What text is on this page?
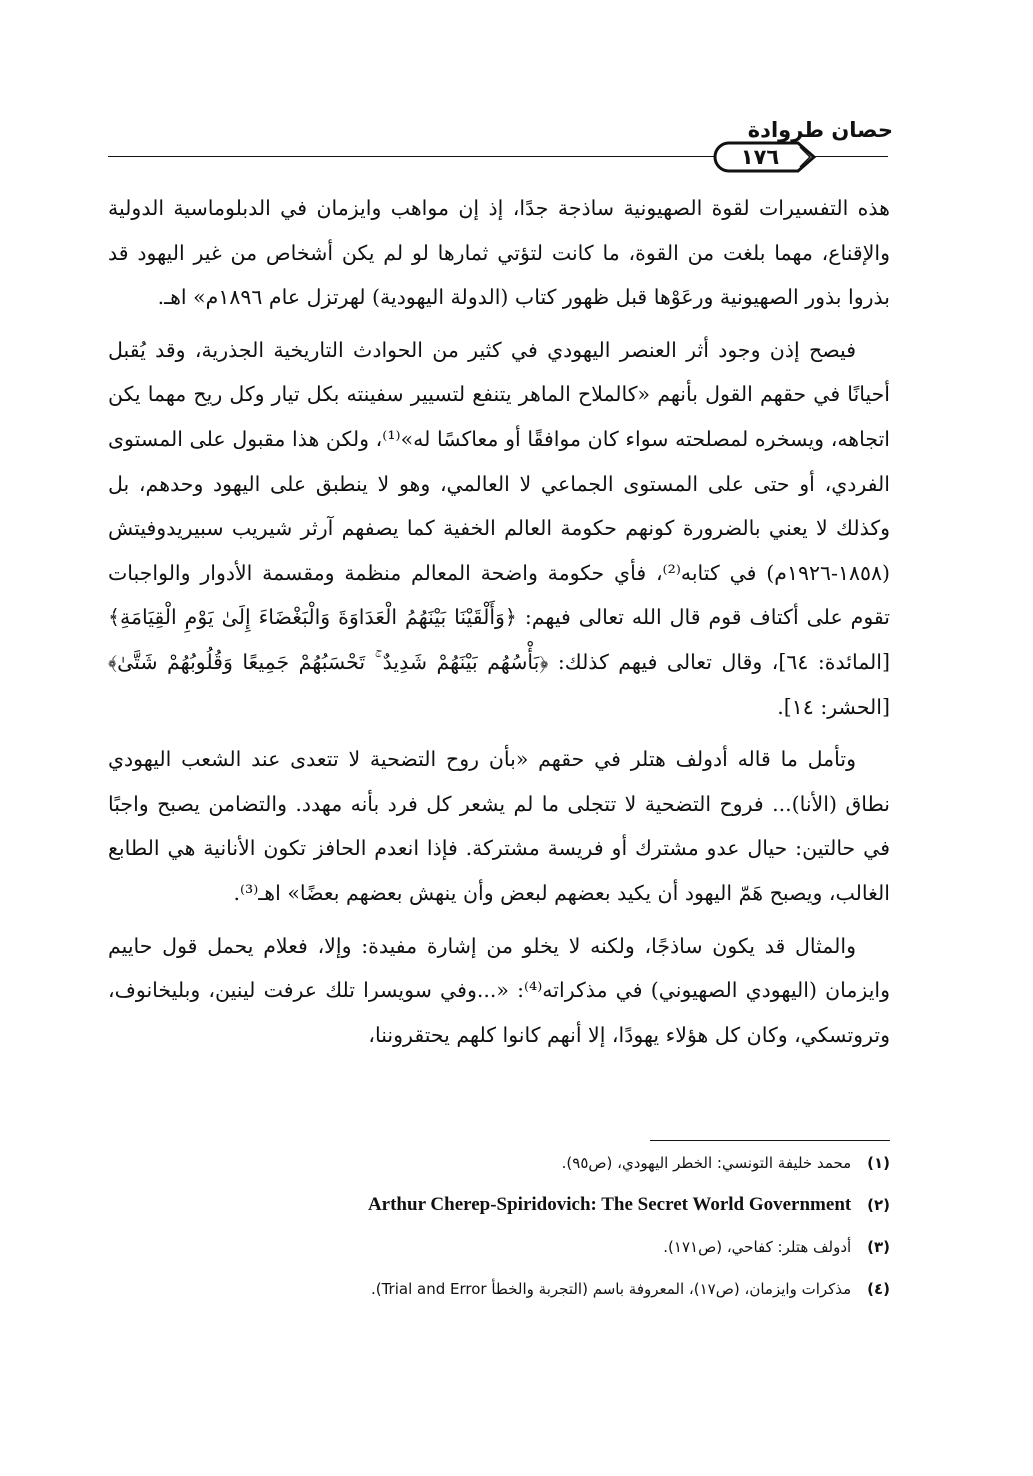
حصان طروادة
١٧٦

هذه التفسيرات لقوة الصهيونية ساذجة جدًا، إذ إن مواهب وايزمان في الدبلوماسية الدولية والإقناع، مهما بلغت من القوة، ما كانت لتؤتي ثمارها لو لم يكن أشخاص من غير اليهود قد بذروا بذور الصهيونية ورعَوْها قبل ظهور كتاب (الدولة اليهودية) لهرتزل عام ١٨٩٦م» اهـ.

فيصح إذن وجود أثر العنصر اليهودي في كثير من الحوادث التاريخية الجذرية، وقد يُقبل أحيانًا في حقهم القول بأنهم «كالملاح الماهر يتنفع لتسيير سفينته بكل تيار وكل ريح مهما يكن اتجاهه، ويسخره لمصلحته سواء كان موافقًا أو معاكسًا له»⁽¹⁾، ولكن هذا مقبول على المستوى الفردي، أو حتى على المستوى الجماعي لا العالمي، وهو لا ينطبق على اليهود وحدهم، بل وكذلك لا يعني بالضرورة كونهم حكومة العالم الخفية كما يصفهم آرثر شيريب سبيريدوفيتش (١٨٥٨-١٩٢٦م) في كتابه⁽²⁾، فأي حكومة واضحة المعالم منظمة ومقسمة الأدوار والواجبات تقوم على أكتاف قوم قال الله تعالى فيهم: ﴿وَأَلْقَيْنَا بَيْنَهُمُ الْعَدَاوَةَ وَالْبَغْضَاءَ إِلَىٰ يَوْمِ الْقِيَامَةِ﴾ [المائدة: ٦٤]، وقال تعالى فيهم كذلك: ﴿بَأْسُهُم بَيْنَهُمْ شَدِيدٌ ۚ تَحْسَبُهُمْ جَمِيعًا وَقُلُوبُهُمْ شَتَّىٰ﴾ [الحشر: ١٤].

وتأمل ما قاله أدولف هتلر في حقهم «بأن روح التضحية لا تتعدى عند الشعب اليهودي نطاق (الأنا)... فروح التضحية لا تتجلى ما لم يشعر كل فرد بأنه مهدد. والتضامن يصبح واجبًا في حالتين: حيال عدو مشترك أو فريسة مشتركة. فإذا انعدم الحافز تكون الأنانية هي الطابع الغالب، ويصبح هَمّ اليهود أن يكيد بعضهم لبعض وأن ينهش بعضهم بعضًا» اهـ⁽³⁾.

والمثال قد يكون ساذجًا، ولكنه لا يخلو من إشارة مفيدة: وإلا، فعلام يحمل قول حاييم وايزمان (اليهودي الصهيوني) في مذكراته⁽⁴⁾: «...وفي سويسرا تلك عرفت لينين، وبليخانوف، وتروتسكي، وكان كل هؤلاء يهودًا، إلا أنهم كانوا كلهم يحتقروننا،

(١) محمد خليفة التونسي: الخطر اليهودي، (ص٩٥).
(٢) Arthur Cherep-Spiridovich: The Secret World Government
(٣) أدولف هتلر: كفاحي، (ص١٧١).
(٤) مذكرات وايزمان، (ص١٧)، المعروفة باسم (التجربة والخطأ Trial and Error).
